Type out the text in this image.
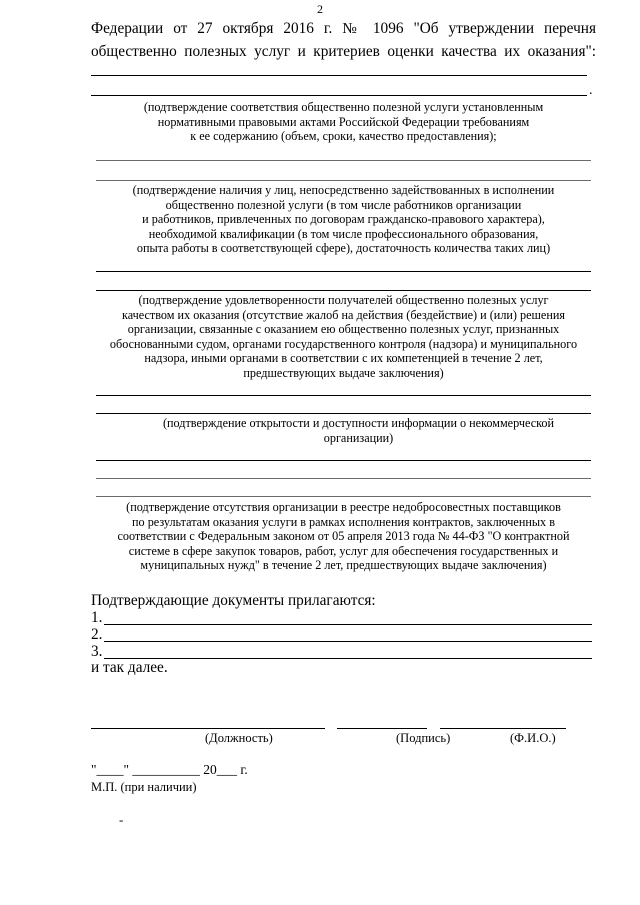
2
Федерации от 27 октября 2016 г. № 1096 "Об утверждении перечня
общественно полезных услуг и критериев оценки качества их оказания":
.
(подтверждение соответствия общественно полезной услуги установленным
нормативными правовыми актами Российской Федерации требованиям
к ее содержанию (объем, сроки, качество предоставления);
(подтверждение наличия у лиц, непосредственно задействованных в исполнении
общественно полезной услуги (в том числе работников организации
и работников, привлеченных по договорам гражданско-правового характера),
необходимой квалификации (в том числе профессионального образования,
опыта работы в соответствующей сфере), достаточность количества таких лиц)
(подтверждение удовлетворенности получателей общественно полезных услуг
качеством их оказания (отсутствие жалоб на действия (бездействие) и (или) решения
организации, связанные с оказанием ею общественно полезных услуг, признанных
обоснованными судом, органами государственного контроля (надзора) и муниципального
надзора, иными органами в соответствии с их компетенцией в течение 2 лет,
предшествующих выдаче заключения)
(подтверждение открытости и доступности информации о некоммерческой
организации)
(подтверждение отсутствия организации в реестре недобросовестных поставщиков
по результатам оказания услуги в рамках исполнения контрактов, заключенных в
соответствии с Федеральным законом от 05 апреля 2013 года № 44-ФЗ "О контрактной
системе в сфере закупок товаров, работ, услуг для обеспечения государственных и
муниципальных нужд" в течение 2 лет, предшествующих выдаче заключения)
Подтверждающие документы прилагаются:
1.
2.
3.
и так далее.
(Должность)	(Подпись)	(Ф.И.О.)
"____" __________ 20___ г.
М.П. (при наличии)
-
